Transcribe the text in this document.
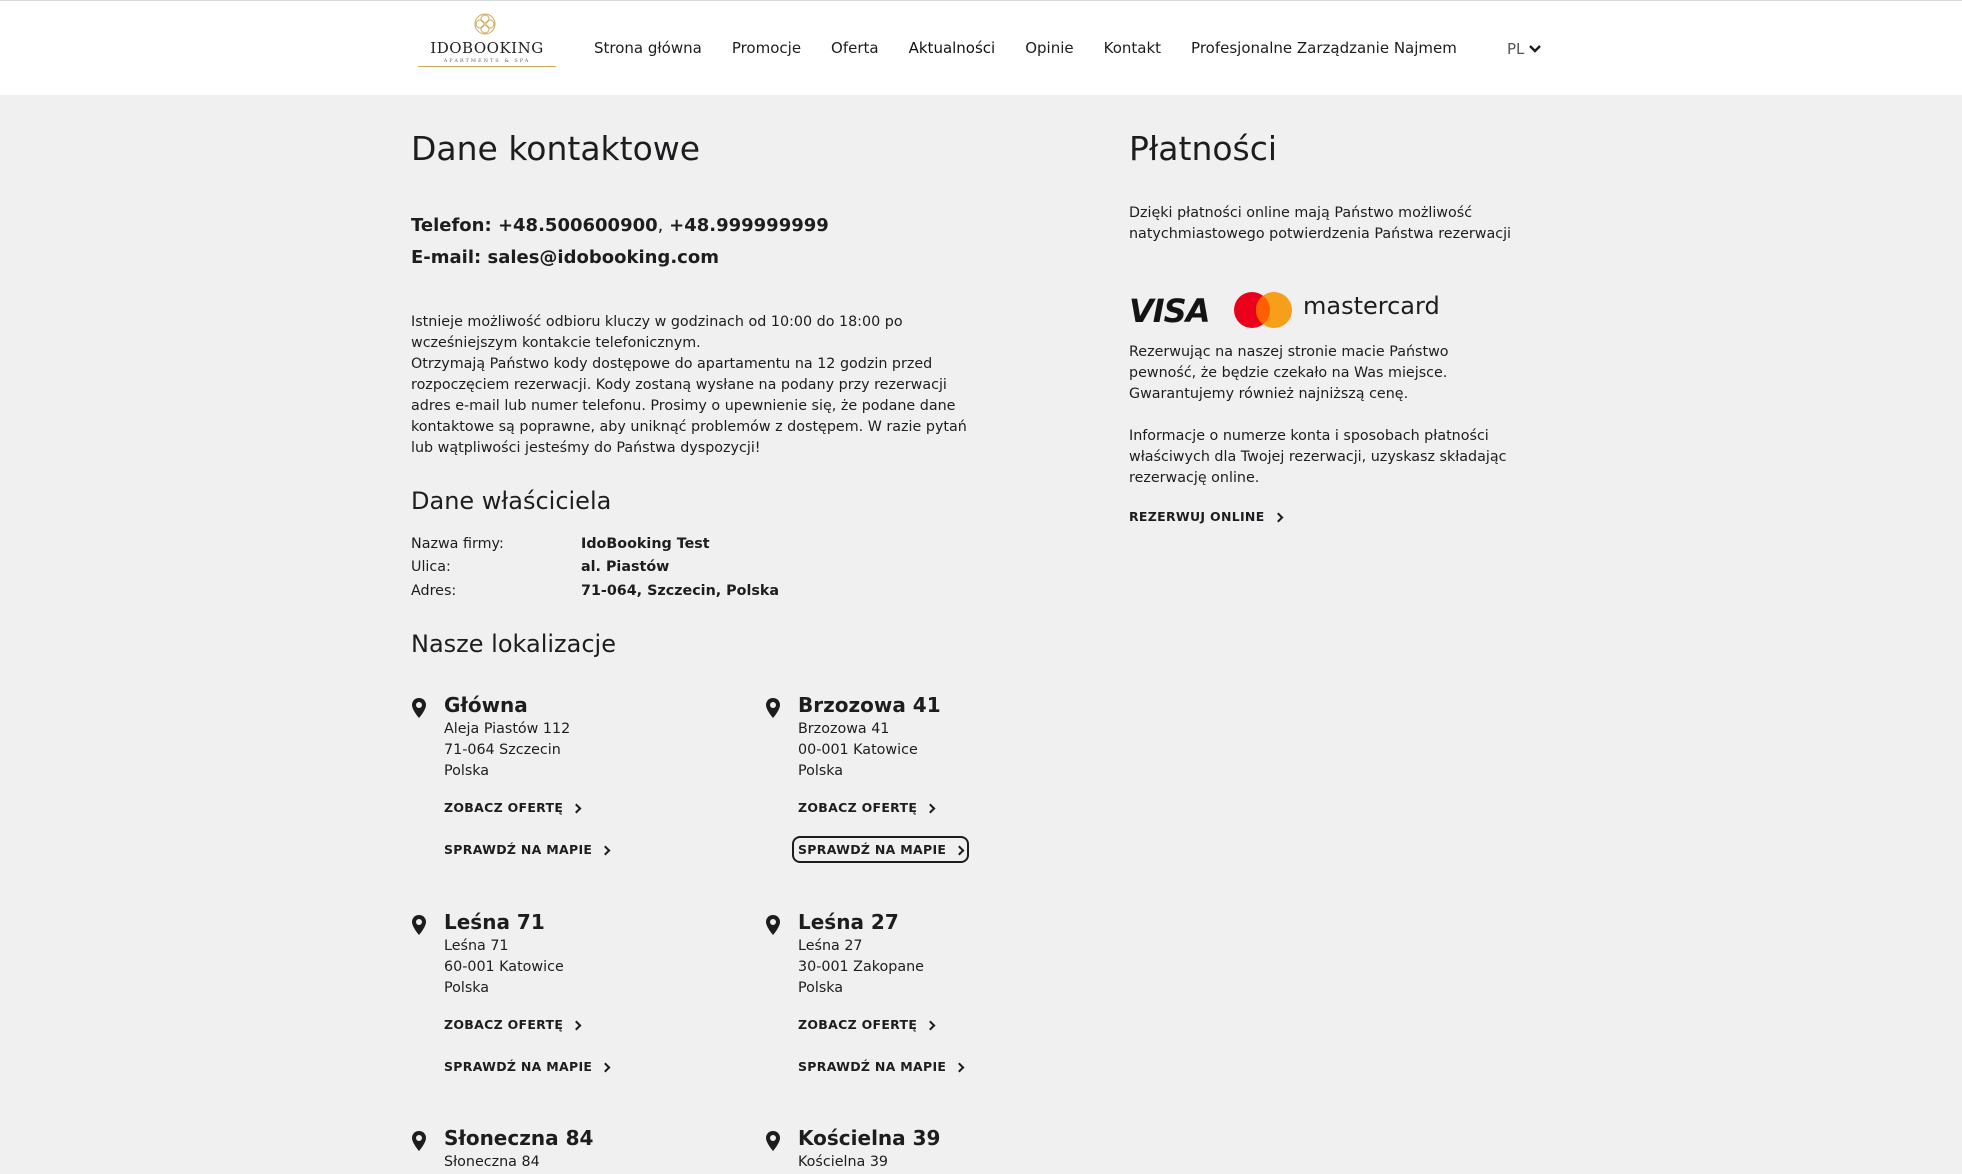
IDOBOOKING
APARTMENTS & SPA
Strona główna Promocje Oferta Aktualności Opinie Kontakt Profesjonalne Zarządzanie Najmem	PL
Dane kontaktowe
Telefon: +48.500600900, +48.999999999
E-mail: sales@idobooking.com

Istnieje możliwość odbioru kluczy w godzinach od 10:00 do 18:00 po wcześniejszym kontakcie telefonicznym.

Otrzymają Państwo kody dostępowe do apartamentu na 12 godzin przed rozpoczęciem rezerwacji. Kody zostaną wysłane na podany przy rezerwacji adres e-mail lub numer telefonu. Prosimy o upewnienie się, że podane dane kontaktowe są poprawne, aby uniknąć problemów z dostępem. W razie pytań lub wątpliwości jesteśmy do Państwa dyspozycji!

Dane właściciela
Nazwa firmy:	IdoBooking Test
Ulica:	al. Piastów
Adres:	71-064, Szczecin, Polska
Nasze lokalizacje
Główna
Aleja Piastów 112
71-064 Szczecin
Polska
ZOBACZ OFERTĘ
SPRAWDŹ NA MAPIE
Brzozowa 41
Brzozowa 41
00-001 Katowice
Polska
ZOBACZ OFERTĘ
SPRAWDŹ NA MAPIE
Leśna 71
Leśna 71
60-001 Katowice
Polska
ZOBACZ OFERTĘ
SPRAWDŹ NA MAPIE
Leśna 27
Leśna 27
30-001 Zakopane
Polska
ZOBACZ OFERTĘ
SPRAWDŹ NA MAPIE
Słoneczna 84
Słoneczna 84
Kościelna 39
Kościelna 39
Płatności
Dzięki płatności online mają Państwo możliwość natychmiastowego potwierdzenia Państwa rezerwacji
VISA	mastercard
Rezerwując na naszej stronie macie Państwo pewność, że będzie czekało na Was miejsce. Gwarantujemy również najniższą cenę.
Informacje o numerze konta i sposobach płatności właściwych dla Twojej rezerwacji, uzyskasz składając rezerwację online.
REZERWUJ ONLINE
